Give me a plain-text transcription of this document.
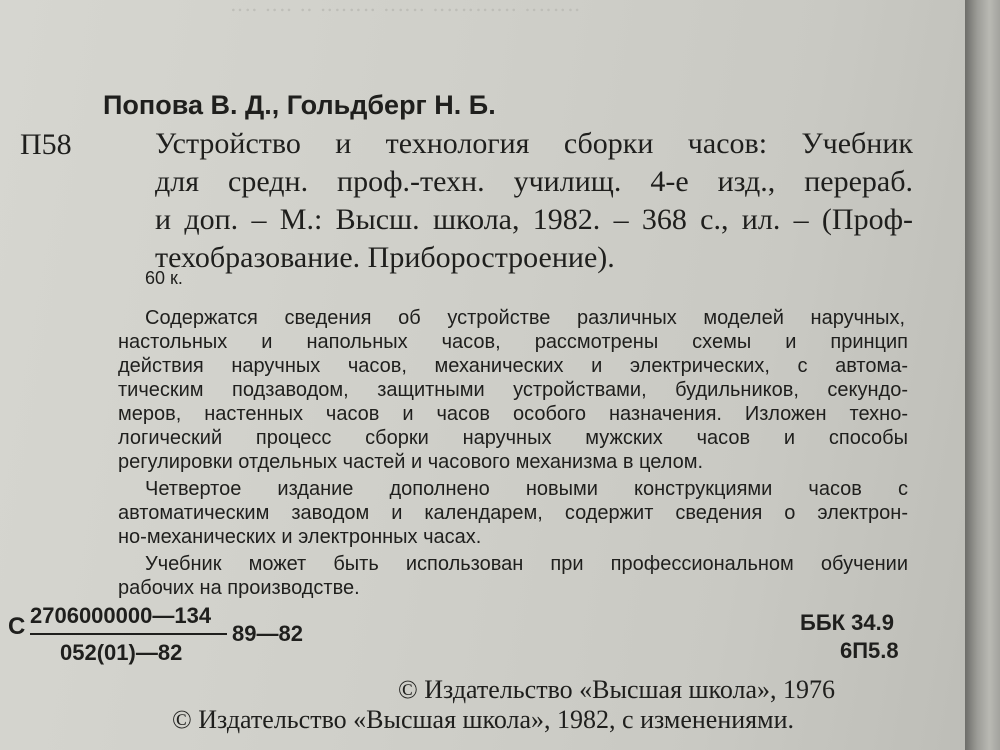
‥‥ ‥‥ ‥ ‥‥‥‥ ‥‥‥ ‥‥‥‥‥‥ ‥‥‥‥
Попова В. Д., Гольдберг Н. Б.
П58	Устройство и технология сборки часов: Учебник
для средн. проф.-техн. училищ. 4-е изд., перераб.
и доп. – М.: Высш. школа, 1982. – 368 с., ил. – (Проф-
техобразование. Приборостроение).
60 к.
Содержатся сведения об устройстве различных моделей наручных,
настольных и напольных часов, рассмотрены схемы и принцип
действия наручных часов, механических и электрических, с автома-
тическим подзаводом, защитными устройствами, будильников, секундо-
меров, настенных часов и часов особого назначения. Изложен техно-
логический процесс сборки наручных мужских часов и способы
регулировки отдельных частей и часового механизма в целом.
Четвертое издание дополнено новыми конструкциями часов с
автоматическим заводом и календарем, содержит сведения о электрон-
но-механических и электронных часах.
Учебник может быть использован при профессиональном обучении
рабочих на производстве.
С 2706000000—134
052(01)—82
89—82	ББК 34.9
6П5.8
© Издательство «Высшая школа», 1976
© Издательство «Высшая школа», 1982, с изменениями.
